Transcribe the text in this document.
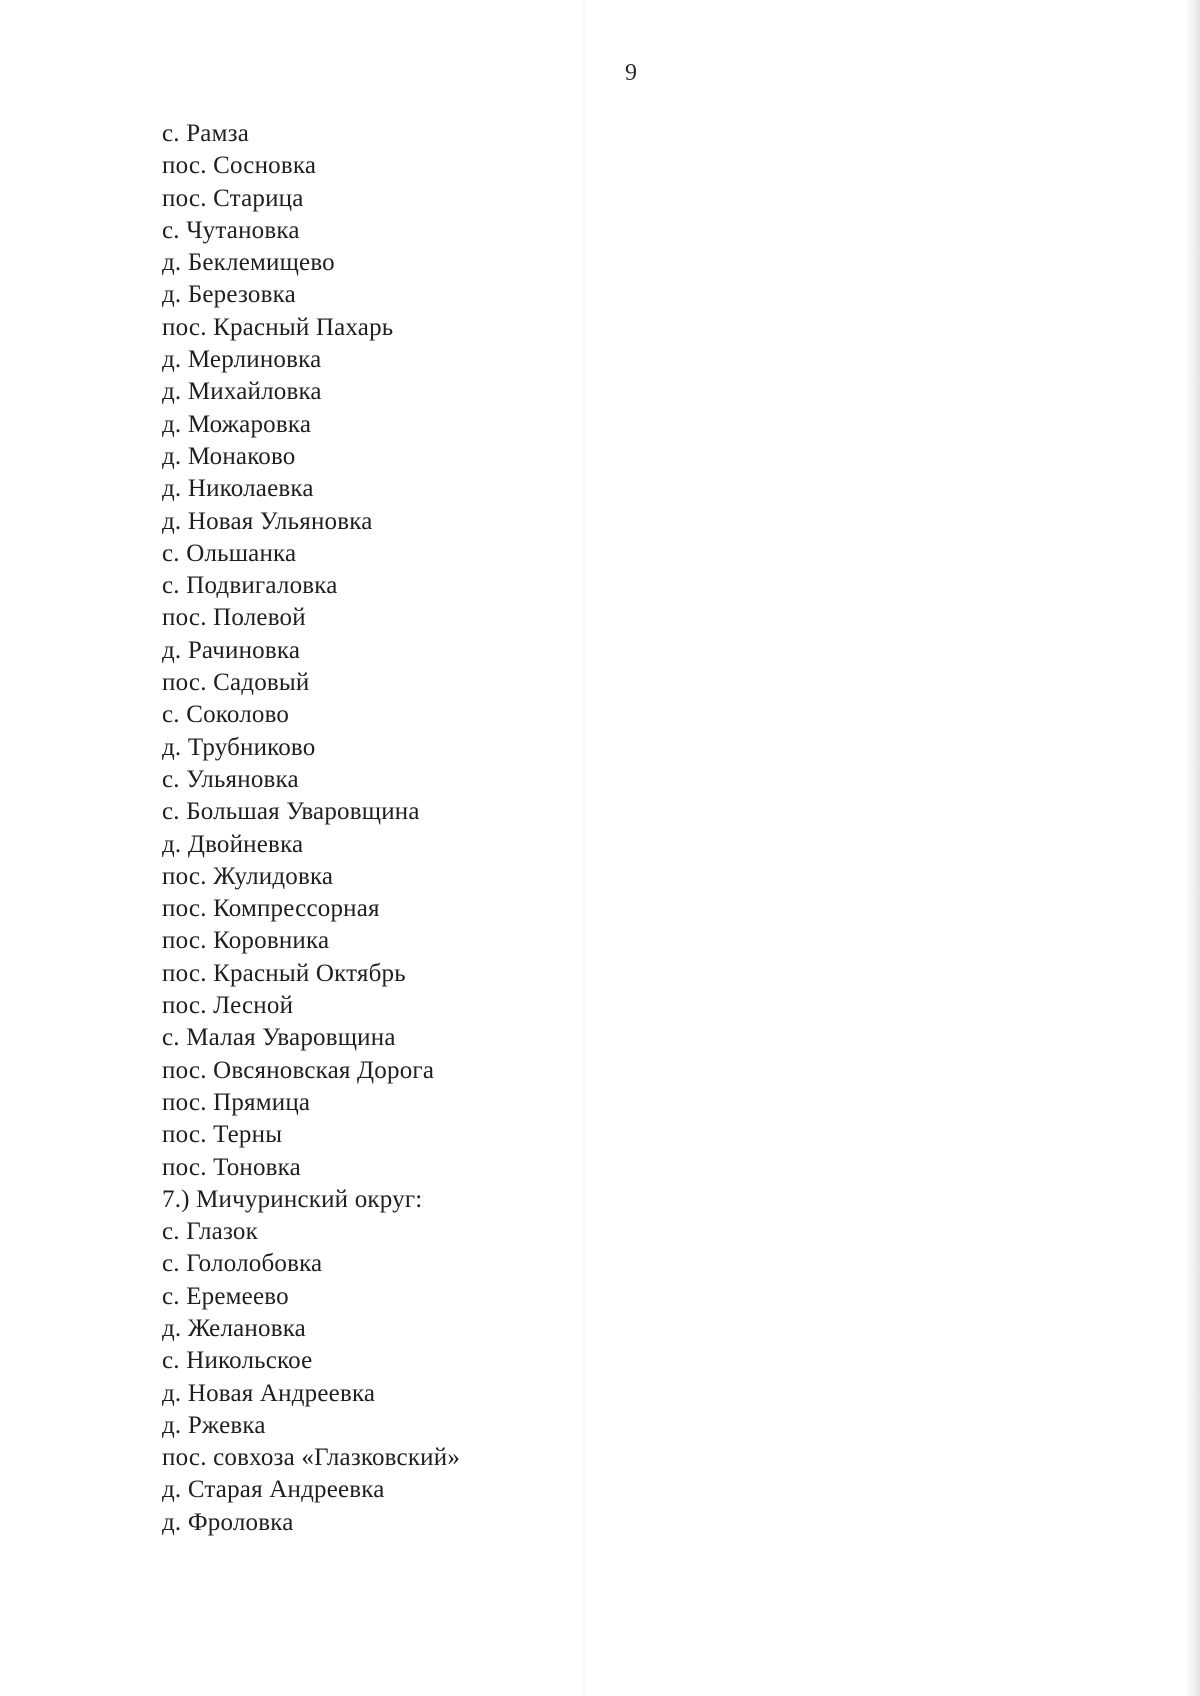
9
с. Рамза
пос. Сосновка
пос. Старица
с. Чутановка
д. Беклемищево
д. Березовка
пос. Красный Пахарь
д. Мерлиновка
д. Михайловка
д. Можаровка
д. Монаково
д. Николаевка
д. Новая Ульяновка
с. Ольшанка
с. Подвигаловка
пос. Полевой
д. Рачиновка
пос. Садовый
с. Соколово
д. Трубниково
с. Ульяновка
с. Большая Уваровщина
д. Двойневка
пос. Жулидовка
пос. Компрессорная
пос. Коровника
пос. Красный Октябрь
пос. Лесной
с. Малая Уваровщина
пос. Овсяновская Дорога
пос. Прямица
пос. Терны
пос. Тоновка
7.) Мичуринский округ:
с. Глазок
с. Гололобовка
с. Еремеево
д. Желановка
с. Никольское
д. Новая Андреевка
д. Ржевка
пос. совхоза «Глазковский»
д. Старая Андреевка
д. Фроловка
